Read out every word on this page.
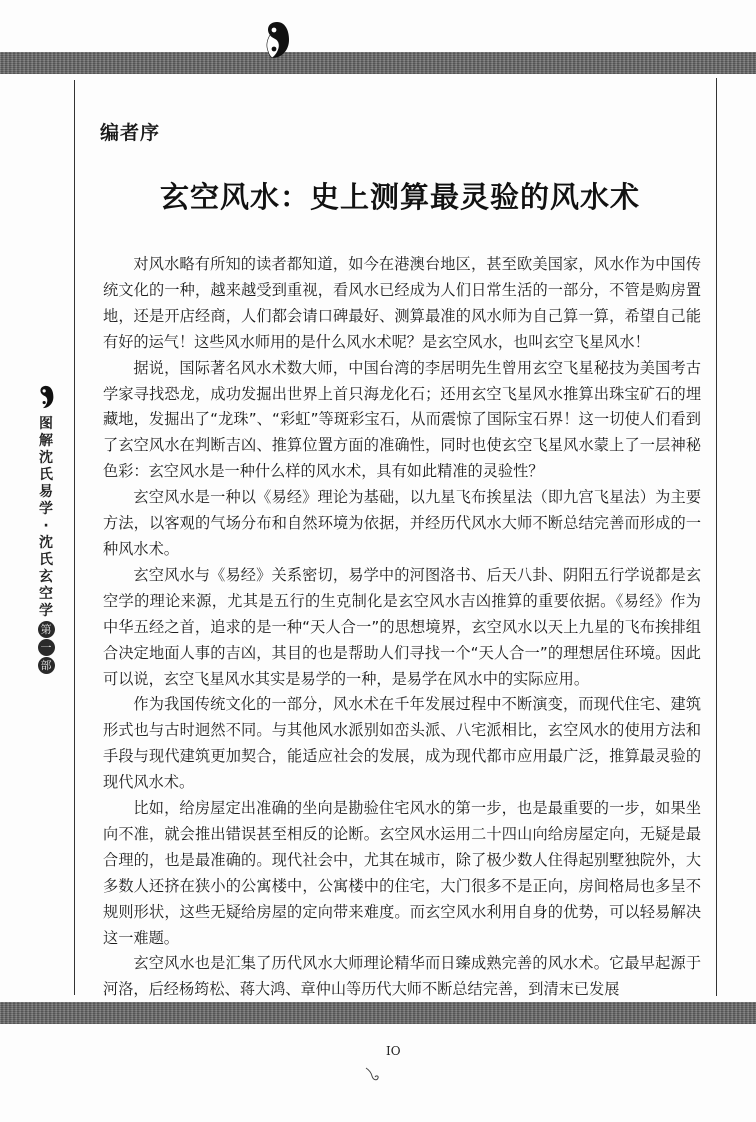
图
解
沈
氏
易
学
·
沈
氏
玄
空
学
第
一
部
编者序
玄空风水：史上测算最灵验的风水术

对风水略有所知的读者都知道，如今在港澳台地区，甚至欧美国家，风水作为中国传统文化的一种，越来越受到重视，看风水已经成为人们日常生活的一部分，不管是购房置地，还是开店经商，人们都会请口碑最好、测算最准的风水师为自己算一算，希望自己能有好的运气！这些风水师用的是什么风水术呢？是玄空风水，也叫玄空飞星风水！

据说，国际著名风水术数大师，中国台湾的李居明先生曾用玄空飞星秘技为美国考古学家寻找恐龙，成功发掘出世界上首只海龙化石；还用玄空飞星风水推算出珠宝矿石的埋藏地，发掘出了“龙珠”、“彩虹”等斑彩宝石，从而震惊了国际宝石界！这一切使人们看到了玄空风水在判断吉凶、推算位置方面的准确性，同时也使玄空飞星风水蒙上了一层神秘色彩：玄空风水是一种什么样的风水术，具有如此精准的灵验性？

玄空风水是一种以《易经》理论为基础，以九星飞布挨星法（即九宫飞星法）为主要方法，以客观的气场分布和自然环境为依据，并经历代风水大师不断总结完善而形成的一种风水术。

玄空风水与《易经》关系密切，易学中的河图洛书、后天八卦、阴阳五行学说都是玄空学的理论来源，尤其是五行的生克制化是玄空风水吉凶推算的重要依据。《易经》作为中华五经之首，追求的是一种“天人合一”的思想境界，玄空风水以天上九星的飞布挨排组合决定地面人事的吉凶，其目的也是帮助人们寻找一个“天人合一”的理想居住环境。因此可以说，玄空飞星风水其实是易学的一种，是易学在风水中的实际应用。

作为我国传统文化的一部分，风水术在千年发展过程中不断演变，而现代住宅、建筑形式也与古时迥然不同。与其他风水派别如峦头派、八宅派相比，玄空风水的使用方法和手段与现代建筑更加契合，能适应社会的发展，成为现代都市应用最广泛，推算最灵验的现代风水术。

比如，给房屋定出准确的坐向是勘验住宅风水的第一步，也是最重要的一步，如果坐向不准，就会推出错误甚至相反的论断。玄空风水运用二十四山向给房屋定向，无疑是最合理的，也是最准确的。现代社会中，尤其在城市，除了极少数人住得起别墅独院外，大多数人还挤在狭小的公寓楼中，公寓楼中的住宅，大门很多不是正向，房间格局也多呈不规则形状，这些无疑给房屋的定向带来难度。而玄空风水利用自身的优势，可以轻易解决这一难题。

玄空风水也是汇集了历代风水大师理论精华而日臻成熟完善的风水术。它最早起源于河洛，后经杨筠松、蒋大鸿、章仲山等历代大师不断总结完善，到清末已发展

IO
